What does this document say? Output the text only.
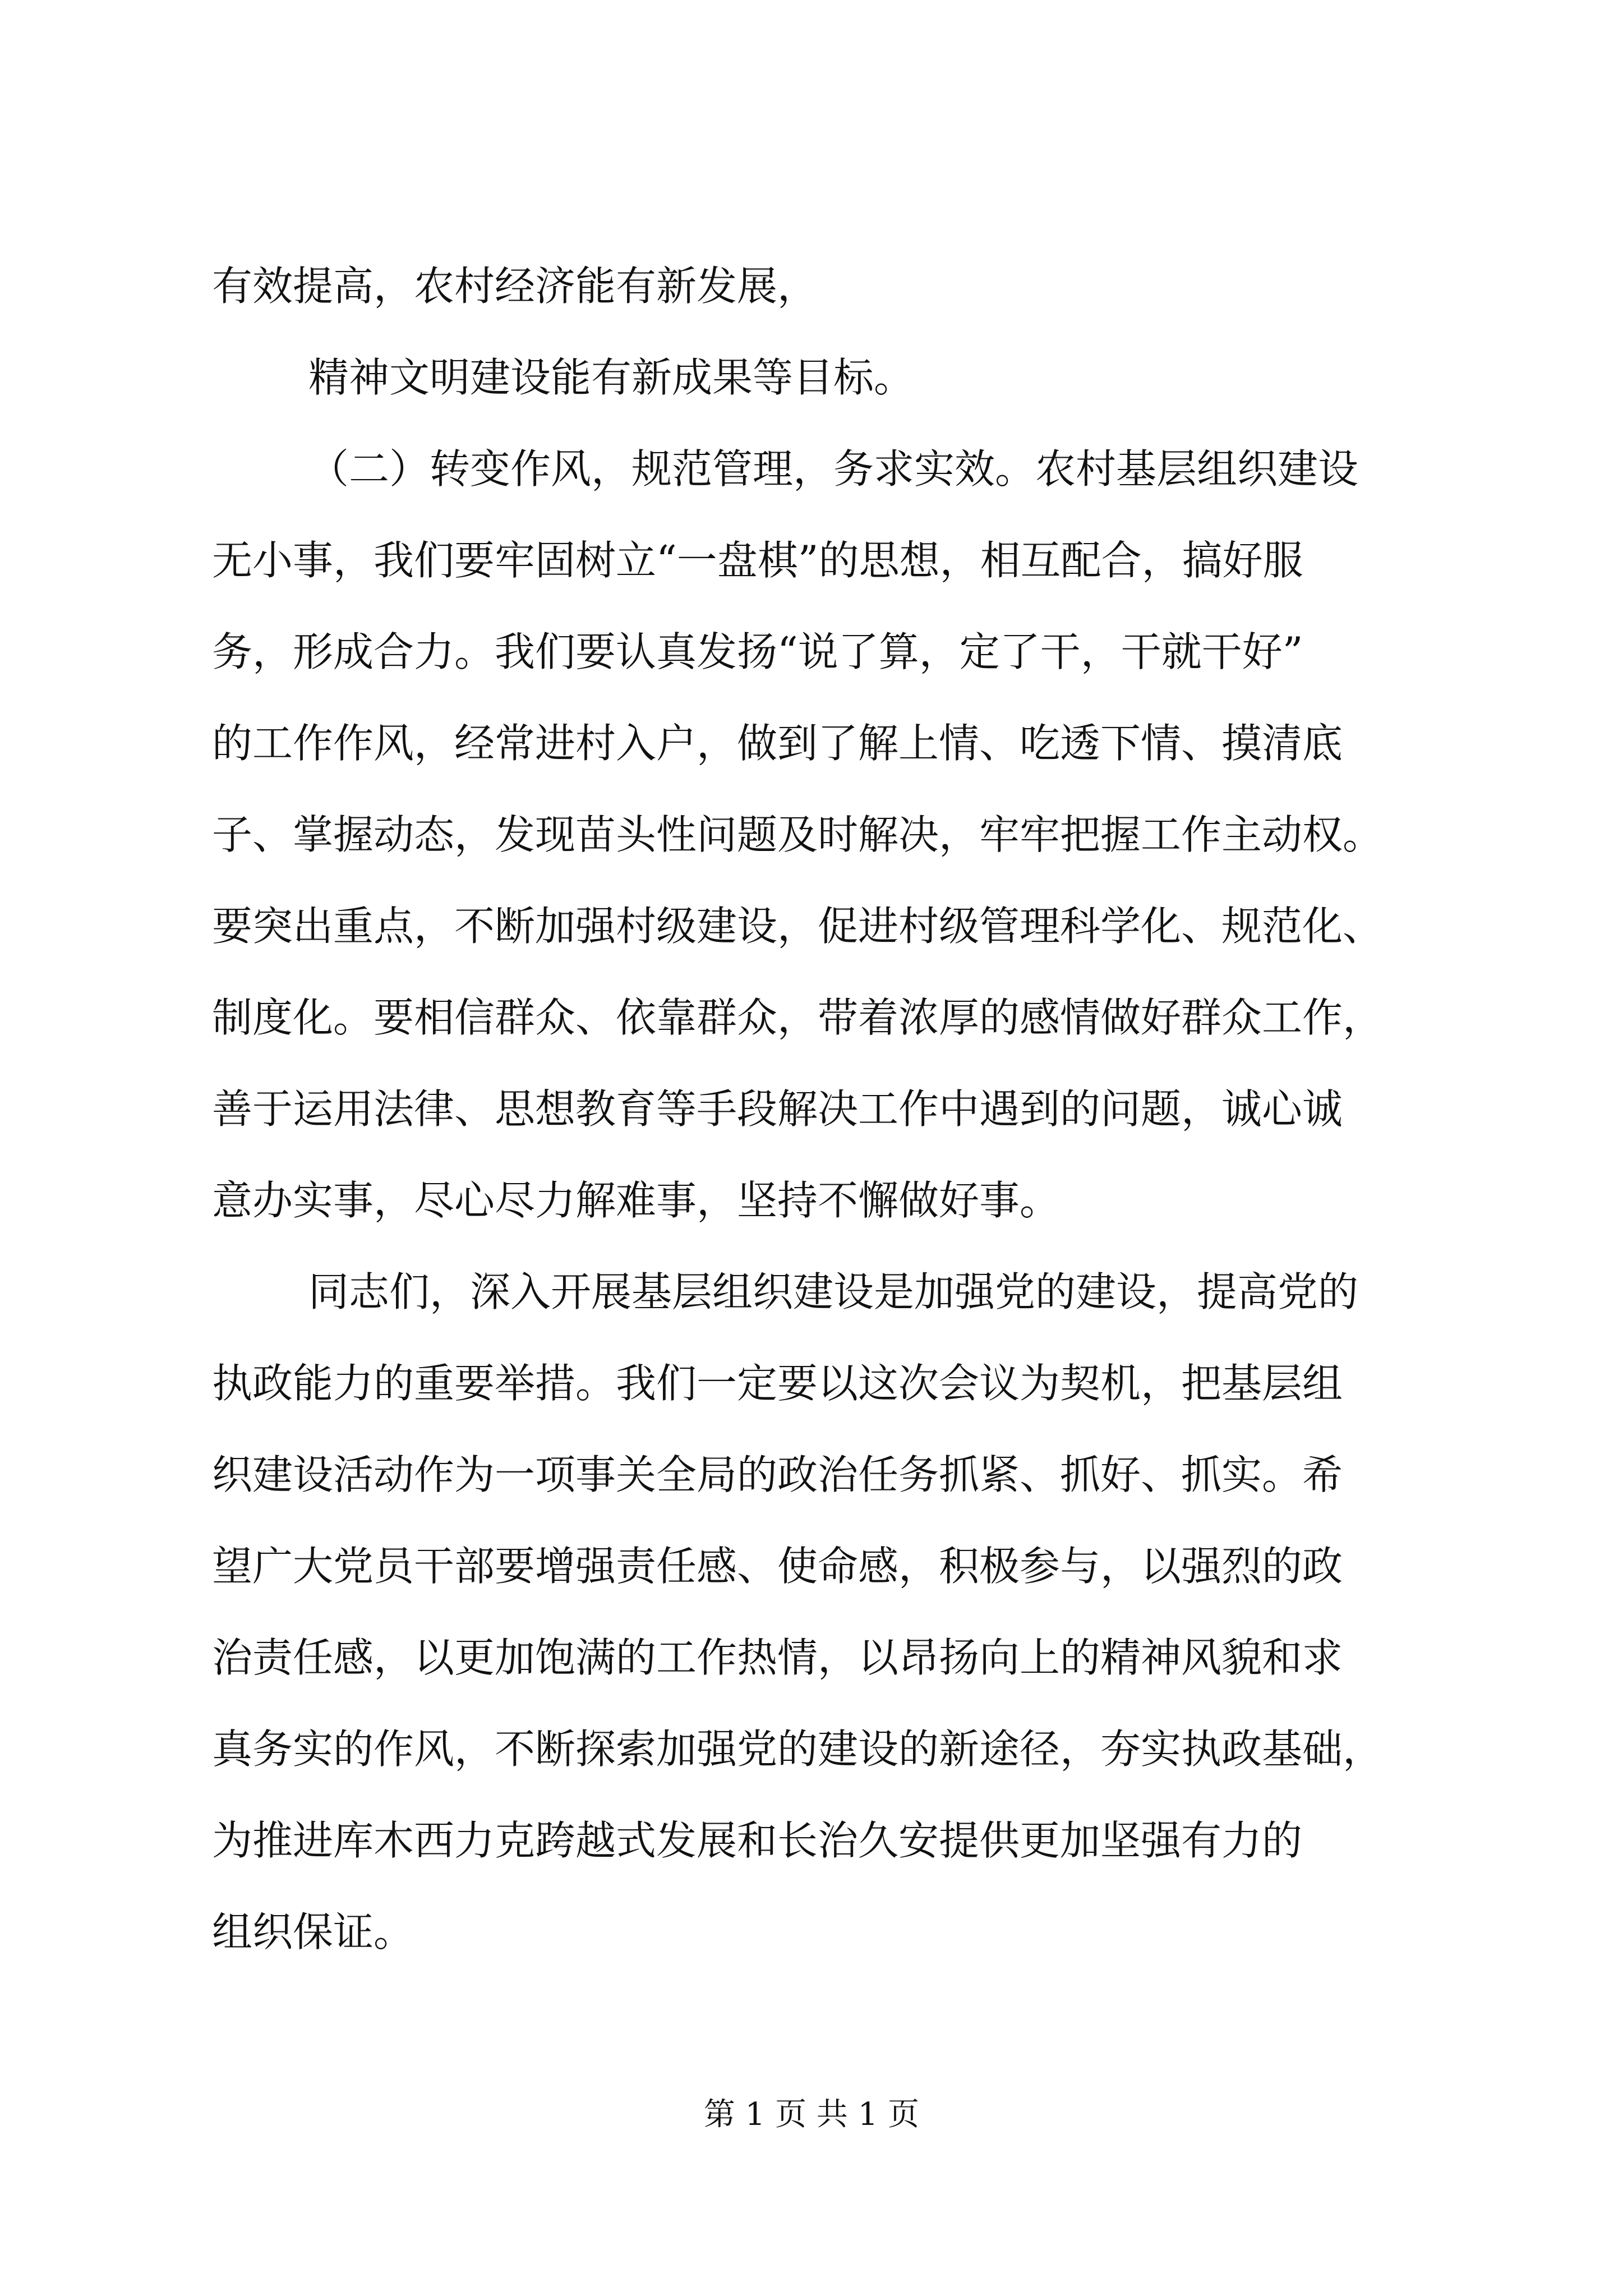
有效提高，农村经济能有新发展，
精神文明建设能有新成果等目标。
（二）转变作风，规范管理，务求实效。农村基层组织建设
无小事，我们要牢固树立“一盘棋”的思想，相互配合，搞好服
务，形成合力。我们要认真发扬“说了算，定了干，干就干好”
的工作作风，经常进村入户，做到了解上情、吃透下情、摸清底
子、掌握动态，发现苗头性问题及时解决，牢牢把握工作主动权。
要突出重点，不断加强村级建设，促进村级管理科学化、规范化、
制度化。要相信群众、依靠群众，带着浓厚的感情做好群众工作，
善于运用法律、思想教育等手段解决工作中遇到的问题，诚心诚
意办实事，尽心尽力解难事，坚持不懈做好事。
同志们，深入开展基层组织建设是加强党的建设，提高党的
执政能力的重要举措。我们一定要以这次会议为契机，把基层组
织建设活动作为一项事关全局的政治任务抓紧、抓好、抓实。希
望广大党员干部要增强责任感、使命感，积极参与，以强烈的政
治责任感，以更加饱满的工作热情，以昂扬向上的精神风貌和求
真务实的作风，不断探索加强党的建设的新途径，夯实执政基础，
为推进库木西力克跨越式发展和长治久安提供更加坚强有力的
组织保证。
第 1 页 共 1 页
